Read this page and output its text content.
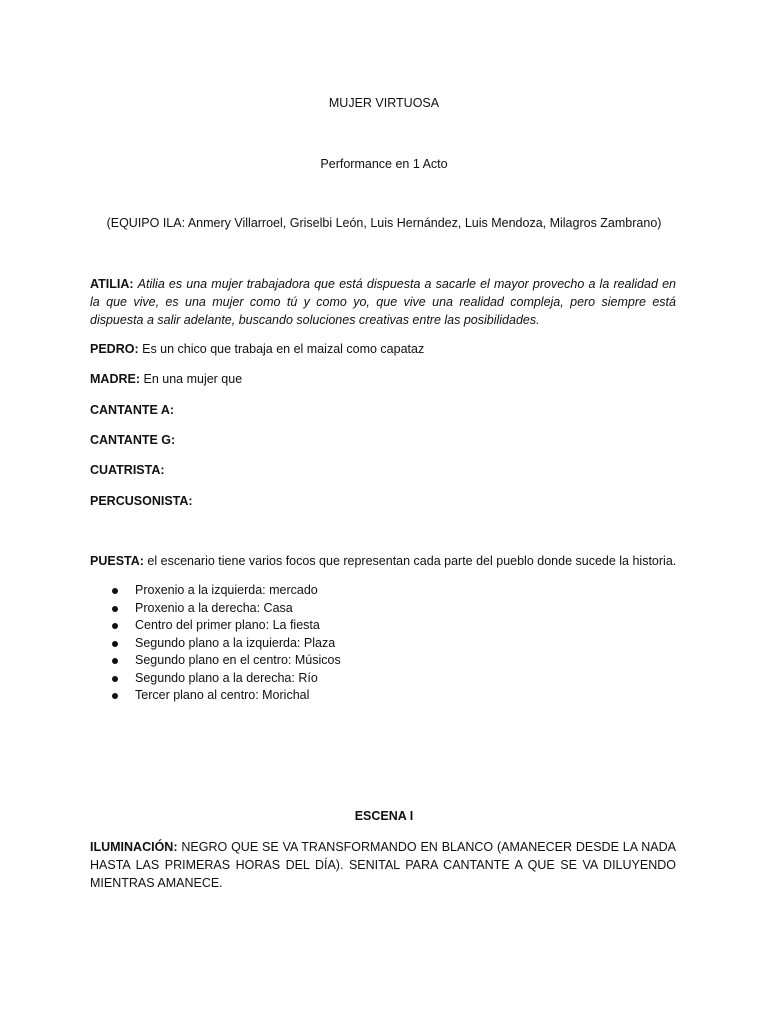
MUJER VIRTUOSA
Performance en 1 Acto
(EQUIPO ILA: Anmery Villarroel, Griselbi León, Luis Hernández, Luis Mendoza, Milagros Zambrano)
ATILIA: Atilia es una mujer trabajadora que está dispuesta a sacarle el mayor provecho a la realidad en la que vive, es una mujer como tú y como yo, que vive una realidad compleja, pero siempre está dispuesta a salir adelante, buscando soluciones creativas entre las posibilidades.
PEDRO: Es un chico que trabaja en el maizal como capataz
MADRE: En una mujer que
CANTANTE A:
CANTANTE G:
CUATRISTA:
PERCUSONISTA:
PUESTA: el escenario tiene varios focos que representan cada parte del pueblo donde sucede la historia.
Proxenio a la izquierda: mercado
Proxenio a la derecha: Casa
Centro del primer plano: La fiesta
Segundo plano a la izquierda: Plaza
Segundo plano en el centro: Músicos
Segundo plano a la derecha: Río
Tercer plano al centro: Morichal
ESCENA I
ILUMINACIÓN: NEGRO QUE SE VA TRANSFORMANDO EN BLANCO (AMANECER DESDE LA NADA HASTA LAS PRIMERAS HORAS DEL DÍA). SENITAL PARA CANTANTE A QUE SE VA DILUYENDO MIENTRAS AMANECE.
